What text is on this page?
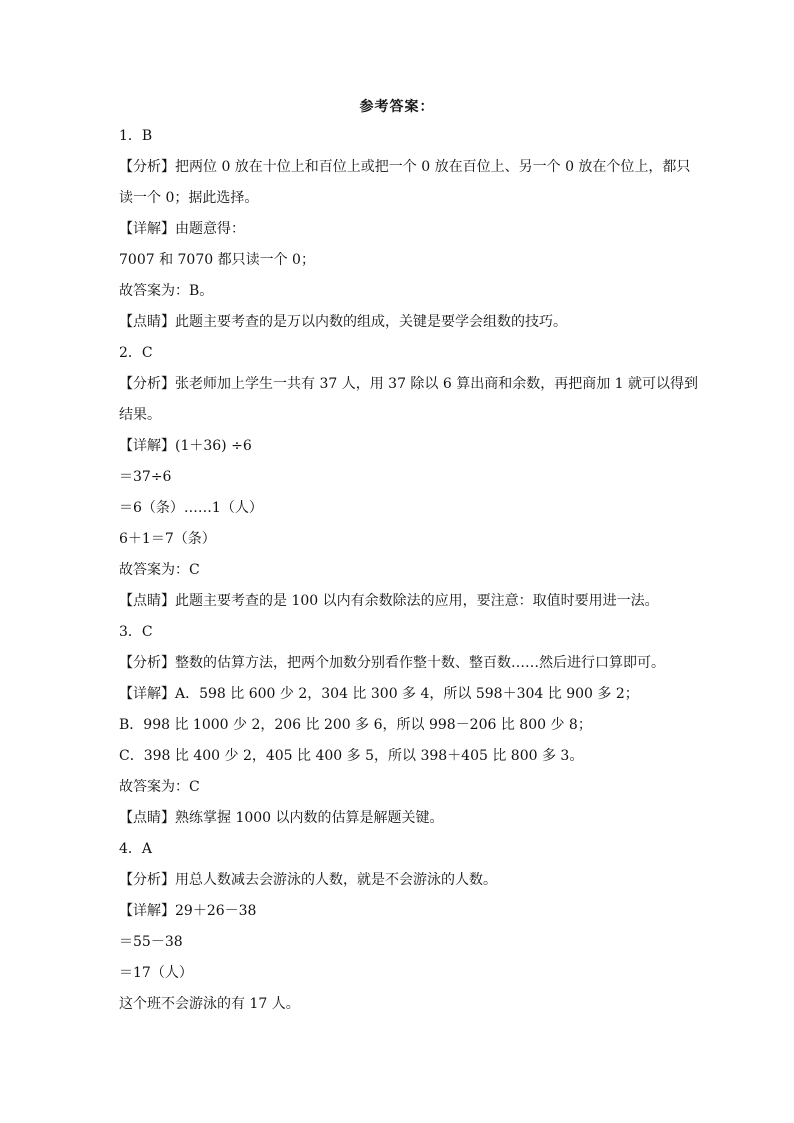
参考答案：

1．B

【分析】把两位 0 放在十位上和百位上或把一个 0 放在百位上、另一个 0 放在个位上，都只

读一个 0；据此选择。

【详解】由题意得：

7007 和 7070 都只读一个 0；

故答案为：B。

【点睛】此题主要考查的是万以内数的组成，关键是要学会组数的技巧。

2．C

【分析】张老师加上学生一共有 37 人，用 37 除以 6 算出商和余数，再把商加 1 就可以得到

结果。

【详解】(1＋36) ÷6

＝37÷6

＝6（条）……1（人）

6＋1＝7（条）

故答案为：C

【点睛】此题主要考查的是 100 以内有余数除法的应用，要注意：取值时要用进一法。

3．C

【分析】整数的估算方法，把两个加数分别看作整十数、整百数……然后进行口算即可。

【详解】A．598 比 600 少 2，304 比 300 多 4，所以 598＋304 比 900 多 2；

B．998 比 1000 少 2，206 比 200 多 6，所以 998－206 比 800 少 8；

C．398 比 400 少 2，405 比 400 多 5，所以 398＋405 比 800 多 3。

故答案为：C

【点睛】熟练掌握 1000 以内数的估算是解题关键。

4．A

【分析】用总人数减去会游泳的人数，就是不会游泳的人数。

【详解】29＋26－38

＝55－38

＝17（人）

这个班不会游泳的有 17 人。
